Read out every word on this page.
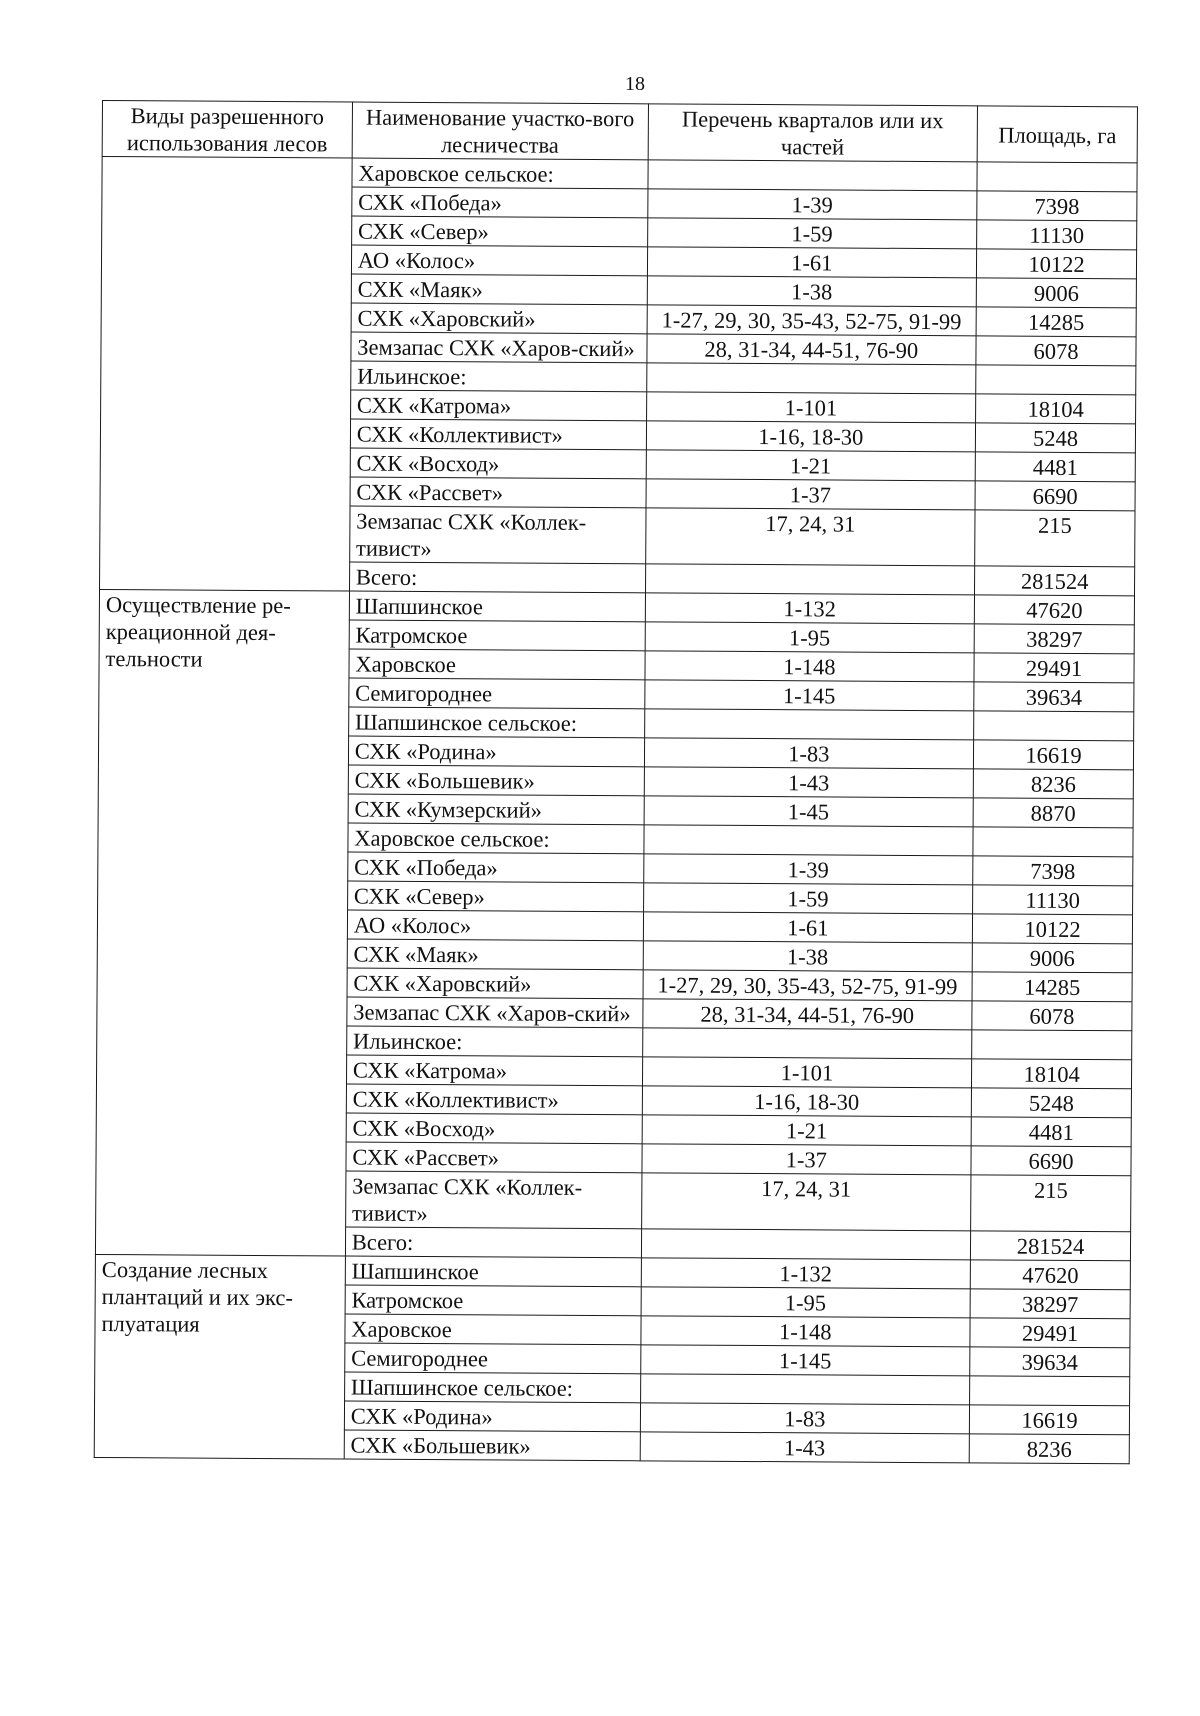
18
Виды разрешенного использования лесов	Наименование участко-вого лесничества	Перечень кварталов или их частей	Площадь, га
	Харовское сельское:		
	СХК «Победа»	1-39	7398
	СХК «Север»	1-59	11130
	АО «Колос»	1-61	10122
	СХК «Маяк»	1-38	9006
	СХК «Харовский»	1-27, 29, 30, 35-43, 52-75, 91-99	14285
	Земзапас СХК «Харов-ский»	28, 31-34, 44-51, 76-90	6078
	Ильинское:		
	СХК «Катрома»	1-101	18104
	СХК «Коллективист»	1-16, 18-30	5248
	СХК «Восход»	1-21	4481
	СХК «Рассвет»	1-37	6690
	Земзапас СХК «Коллек-тивист»	17, 24, 31	215
	Всего:		281524
Осуществление ре-креационной дея-тельности	Шапшинское	1-132	47620
	Катромское	1-95	38297
	Харовское	1-148	29491
	Семигороднее	1-145	39634
	Шапшинское сельское:		
	СХК «Родина»	1-83	16619
	СХК «Большевик»	1-43	8236
	СХК «Кумзерский»	1-45	8870
	Харовское сельское:		
	СХК «Победа»	1-39	7398
	СХК «Север»	1-59	11130
	АО «Колос»	1-61	10122
	СХК «Маяк»	1-38	9006
	СХК «Харовский»	1-27, 29, 30, 35-43, 52-75, 91-99	14285
	Земзапас СХК «Харов-ский»	28, 31-34, 44-51, 76-90	6078
	Ильинское:		
	СХК «Катрома»	1-101	18104
	СХК «Коллективист»	1-16, 18-30	5248
	СХК «Восход»	1-21	4481
	СХК «Рассвет»	1-37	6690
	Земзапас СХК «Коллек-тивист»	17, 24, 31	215
	Всего:		281524
Создание лесных плантаций и их экс-плуатация	Шапшинское	1-132	47620
	Катромское	1-95	38297
	Харовское	1-148	29491
	Семигороднее	1-145	39634
	Шапшинское сельское:		
	СХК «Родина»	1-83	16619
	СХК «Большевик»	1-43	8236
